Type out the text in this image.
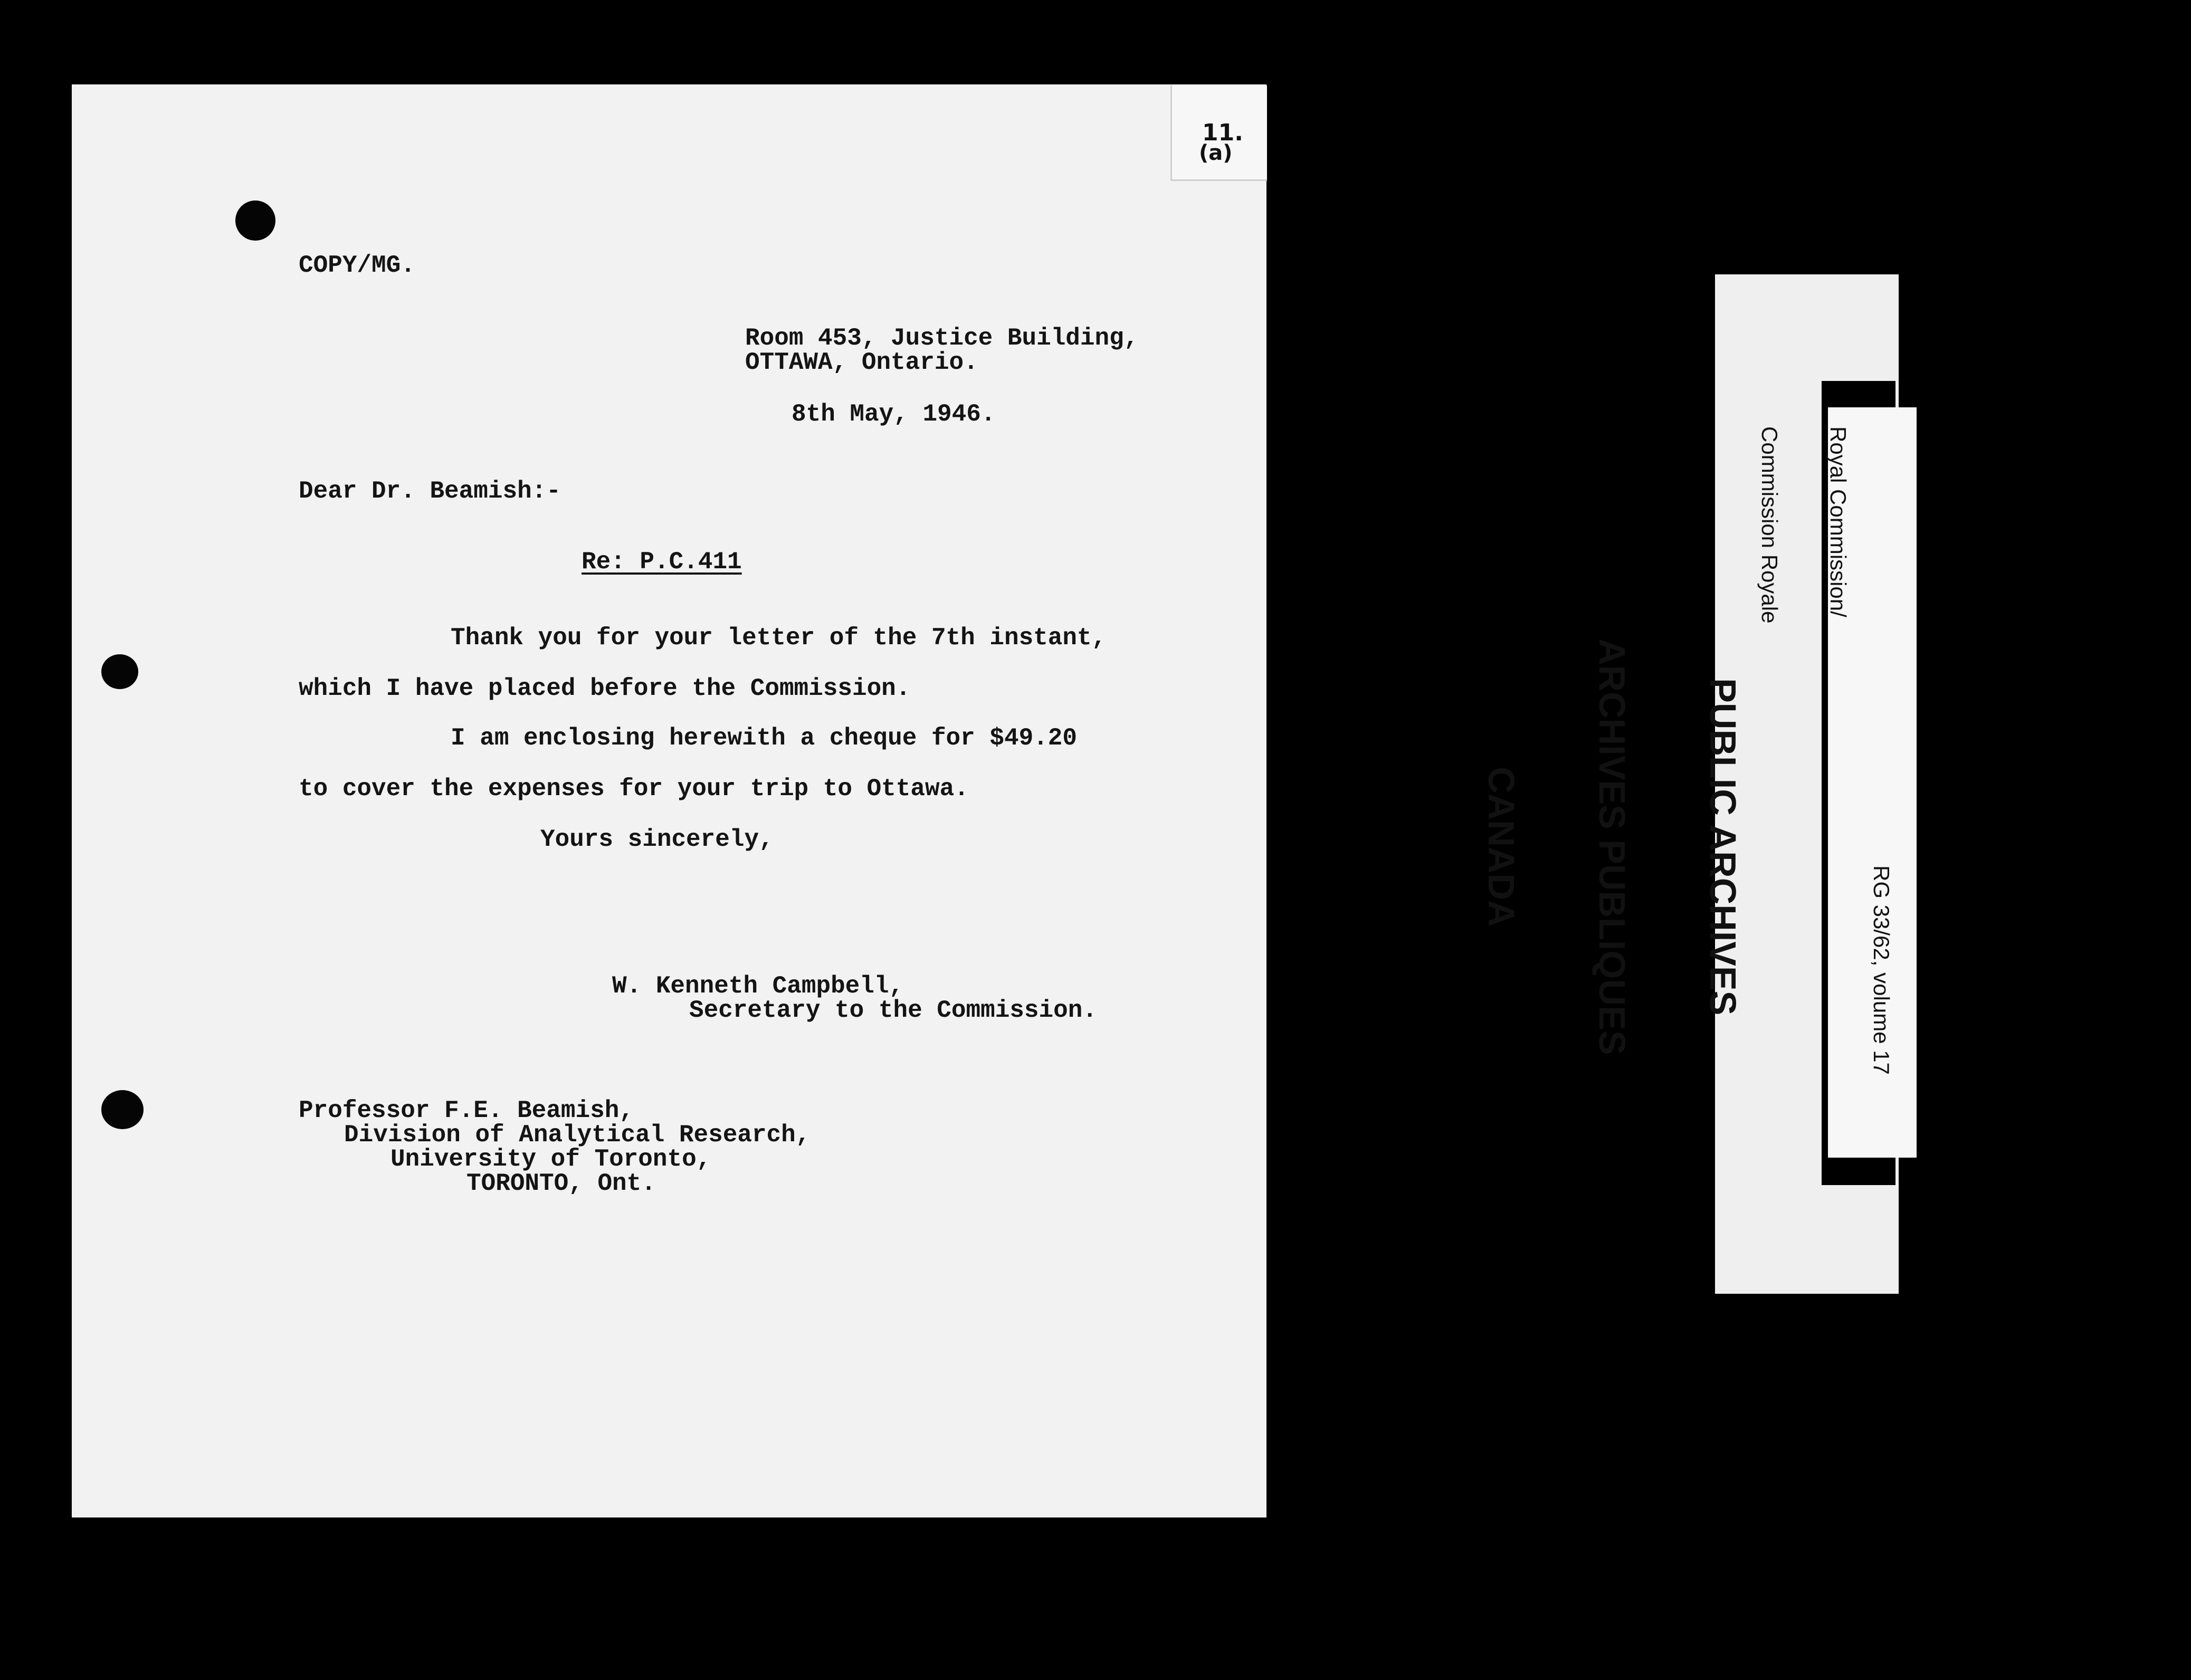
11.
(a)
COPY/MG.
Room 453, Justice Building,
OTTAWA, Ontario.
8th May, 1946.
Dear Dr. Beamish:-
Re: P.C.411
Thank you for your letter of the 7th instant,
which I have placed before the Commission.
I am enclosing herewith a cheque for $49.20
to cover the expenses for your trip to Ottawa.
Yours sincerely,
W. Kenneth Campbell,
Secretary to the Commission.
Professor F.E. Beamish,
Division of Analytical Research,
University of Toronto,
TORONTO, Ont.

PUBLIC ARCHIVES

ARCHIVES PUBLIQUES

CANADA

Royal Commission/

Commission Royale

RG 33/62, volume 17
